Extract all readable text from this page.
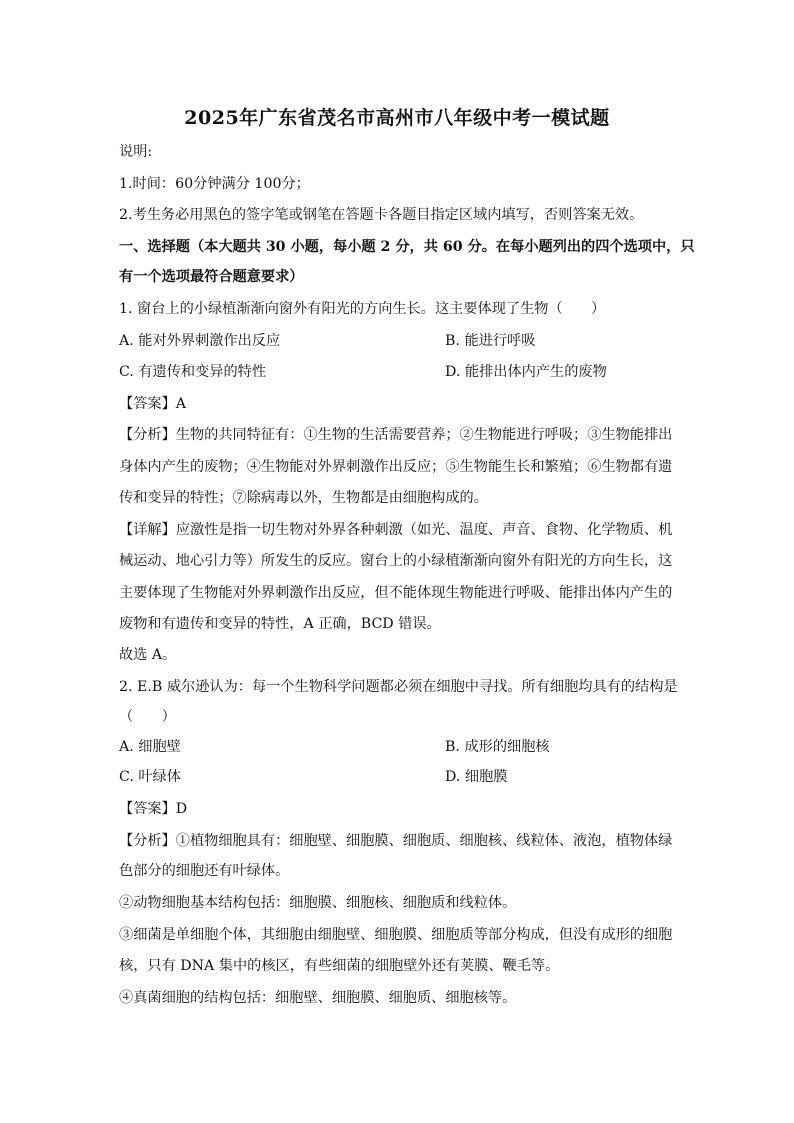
2025年广东省茂名市高州市八年级中考一模试题
说明:
1.时间：60分钟满分 100分；
2.考生务必用黑色的签字笔或钢笔在答题卡各题目指定区域内填写，否则答案无效。
一、选择题（本大题共 30 小题，每小题 2 分，共 60 分。在每小题列出的四个选项中，只
有一个选项最符合题意要求）
1. 窗台上的小绿植渐渐向窗外有阳光的方向生长。这主要体现了生物（　　）
A. 能对外界刺激作出反应	B. 能进行呼吸
C. 有遗传和变异的特性	D. 能排出体内产生的废物
【答案】A
【分析】生物的共同特征有：①生物的生活需要营养；②生物能进行呼吸；③生物能排出
身体内产生的废物；④生物能对外界刺激作出反应；⑤生物能生长和繁殖；⑥生物都有遗
传和变异的特性；⑦除病毒以外，生物都是由细胞构成的。
【详解】应激性是指一切生物对外界各种刺激（如光、温度、声音、食物、化学物质、机
械运动、地心引力等）所发生的反应。窗台上的小绿植渐渐向窗外有阳光的方向生长，这
主要体现了生物能对外界刺激作出反应，但不能体现生物能进行呼吸、能排出体内产生的
废物和有遗传和变异的特性，A 正确，BCD 错误。
故选 A。
2. E.B 威尔逊认为：每一个生物科学问题都必须在细胞中寻找。所有细胞均具有的结构是
（　　）
A. 细胞壁	B. 成形的细胞核
C. 叶绿体	D. 细胞膜
【答案】D
【分析】①植物细胞具有：细胞壁、细胞膜、细胞质、细胞核、线粒体、液泡，植物体绿
色部分的细胞还有叶绿体。
②动物细胞基本结构包括：细胞膜、细胞核、细胞质和线粒体。
③细菌是单细胞个体，其细胞由细胞壁、细胞膜、细胞质等部分构成，但没有成形的细胞
核，只有 DNA 集中的核区，有些细菌的细胞壁外还有荚膜、鞭毛等。
④真菌细胞的结构包括：细胞壁、细胞膜、细胞质、细胞核等。
